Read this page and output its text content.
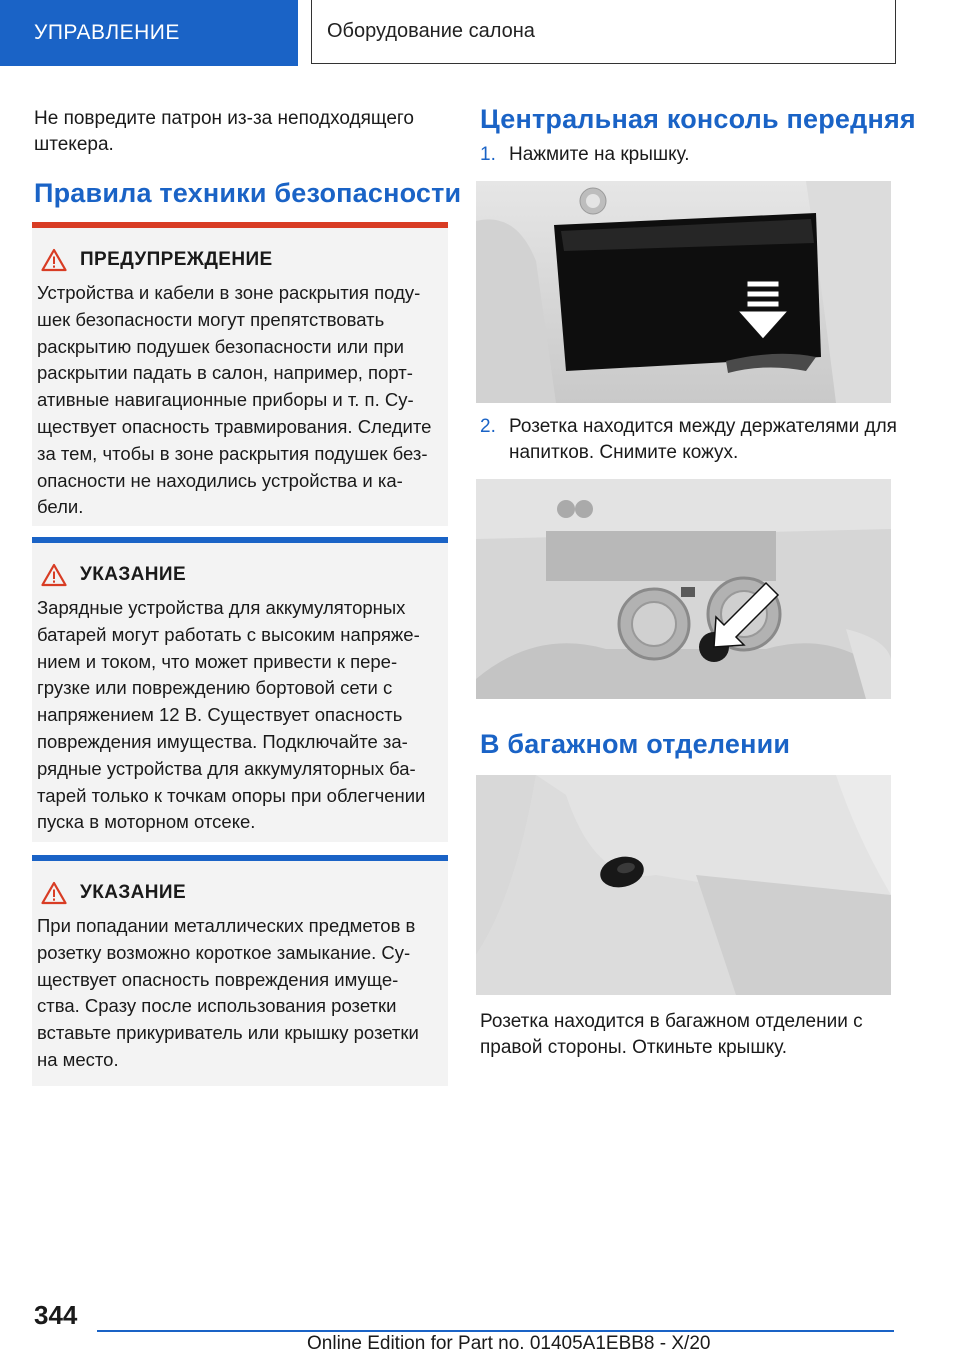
УПРАВЛЕНИЕ	Оборудование салона

Не повредите патрон из-за неподходящего штекера.

Правила техники безопасности
ПРЕДУПРЕЖДЕНИЕ

Устройства и кабели в зоне раскрытия поду- шек безопасности могут препятствовать раскрытию подушек безопасности или при раскрытии падать в салон, например, порт- ативные навигационные приборы и т. п. Су- ществует опасность травмирования. Следите за тем, чтобы в зоне раскрытия подушек без- опасности не находились устройства и ка- бели.

УКАЗАНИЕ

Зарядные устройства для аккумуляторных батарей могут работать с высоким напряже- нием и током, что может привести к пере- грузке или повреждению бортовой сети с напряжением 12 В. Существует опасность повреждения имущества. Подключайте за- рядные устройства для аккумуляторных ба- тарей только к точкам опоры при облегчении пуска в моторном отсеке.

УКАЗАНИЕ

При попадании металлических предметов в розетку возможно короткое замыкание. Су- ществует опасность повреждения имуще- ства. Сразу после использования розетки вставьте прикуриватель или крышку розетки на место.

Центральная консоль передняя
1. Нажмите на крышку.
2. Розетка находится между держателями для напитков. Снимите кожух.
В багажном отделении

Розетка находится в багажном отделении с правой стороны. Откиньте крышку.

344
Online Edition for Part no. 01405A1EBB8 - X/20
